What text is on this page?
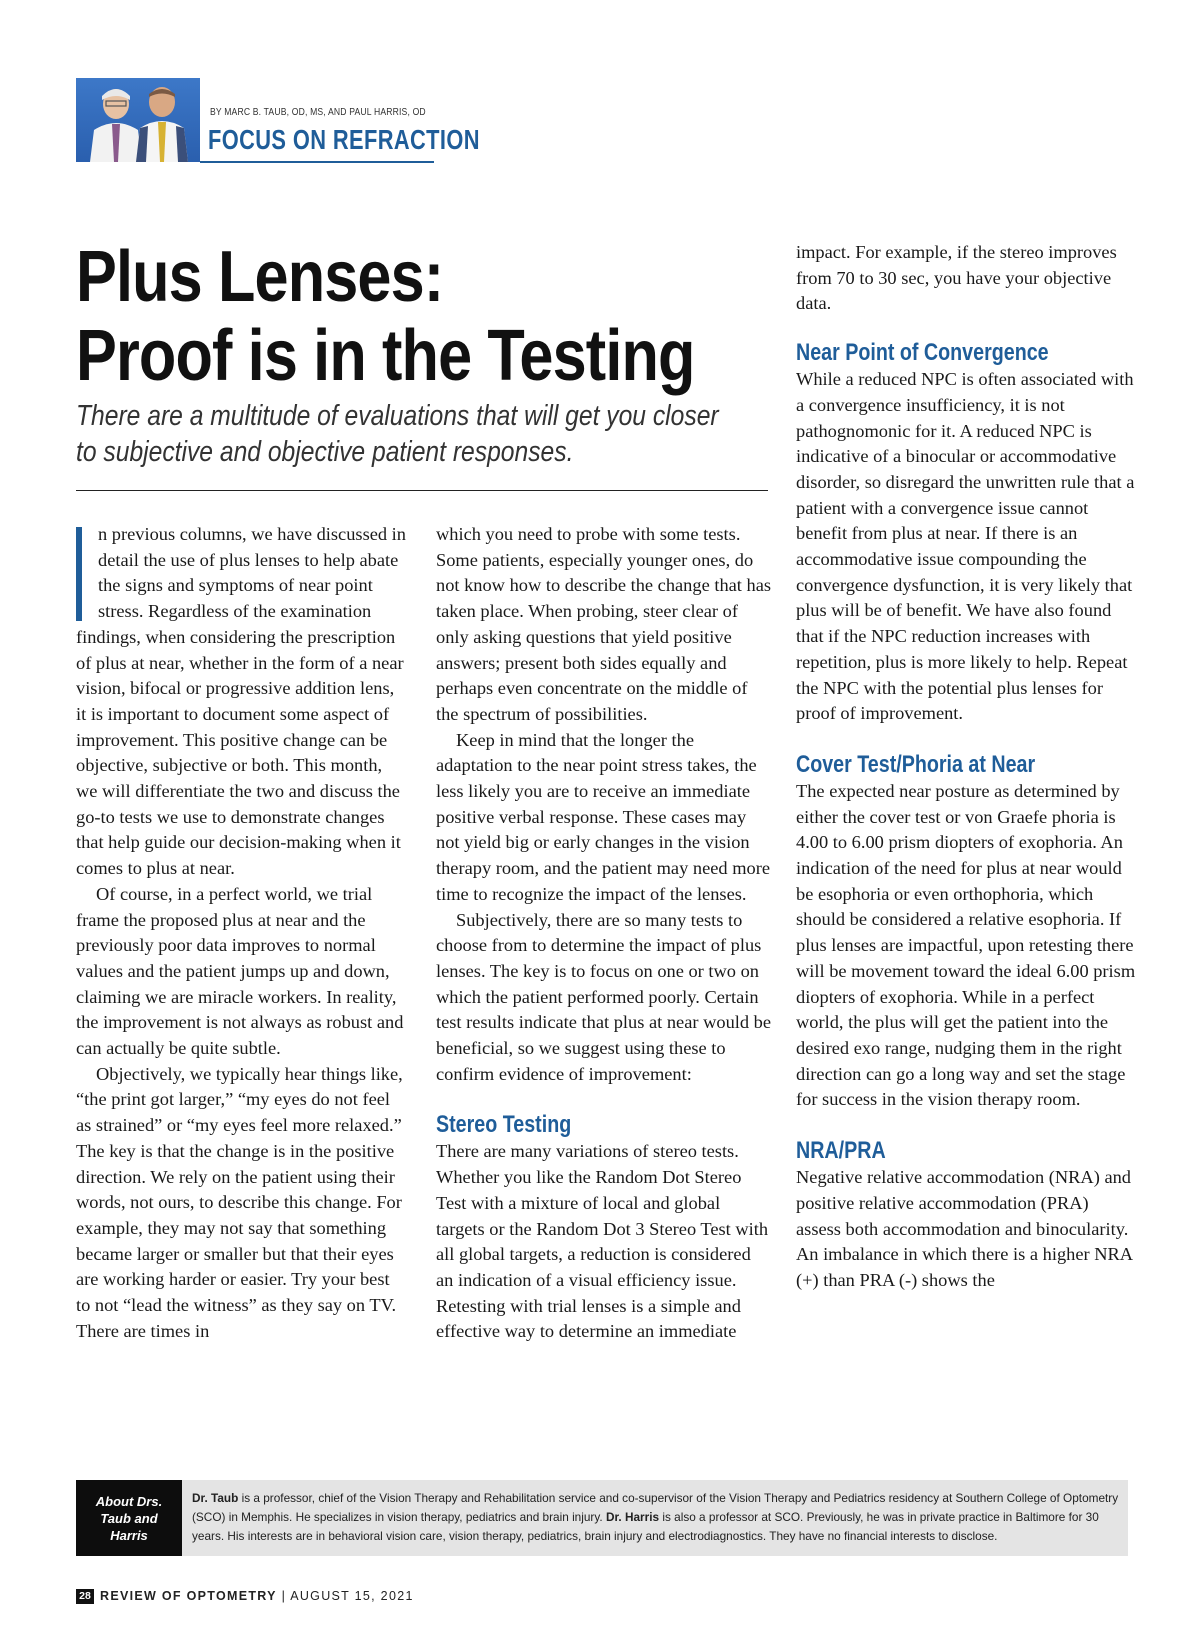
BY MARC B. TAUB, OD, MS, AND PAUL HARRIS, OD
FOCUS ON REFRACTION
Plus Lenses:
Proof is in the Testing
There are a multitude of evaluations that will get you closer to subjective and objective patient responses.

n previous columns, we have discussed in detail the use of plus lenses to help abate the signs and symptoms of near point stress. Regardless of the examination findings, when considering the prescription of plus at near, whether in the form of a near vision, bifocal or progressive addition lens, it is important to document some aspect of improvement. This positive change can be objective, subjective or both. This month, we will differentiate the two and discuss the go-to tests we use to demonstrate changes that help guide our decision-making when it comes to plus at near.

Of course, in a perfect world, we trial frame the proposed plus at near and the previously poor data improves to normal values and the patient jumps up and down, claiming we are miracle workers. In reality, the improvement is not always as robust and can actually be quite subtle.

Objectively, we typically hear things like, “the print got larger,” “my eyes do not feel as strained” or “my eyes feel more relaxed.” The key is that the change is in the positive direction. We rely on the patient using their words, not ours, to describe this change. For example, they may not say that something became larger or smaller but that their eyes are working harder or easier. Try your best to not “lead the witness” as they say on TV. There are times in

which you need to probe with some tests. Some patients, especially younger ones, do not know how to describe the change that has taken place. When probing, steer clear of only asking questions that yield positive answers; present both sides equally and perhaps even concentrate on the middle of the spectrum of possibilities.

Keep in mind that the longer the adaptation to the near point stress takes, the less likely you are to receive an immediate positive verbal response. These cases may not yield big or early changes in the vision therapy room, and the patient may need more time to recognize the impact of the lenses.

Subjectively, there are so many tests to choose from to determine the impact of plus lenses. The key is to focus on one or two on which the patient performed poorly. Certain test results indicate that plus at near would be beneficial, so we suggest using these to confirm evidence of improvement:

Stereo Testing

There are many variations of stereo tests. Whether you like the Random Dot Stereo Test with a mixture of local and global targets or the Random Dot 3 Stereo Test with all global targets, a reduction is considered an indication of a visual efficiency issue. Retesting with trial lenses is a simple and effective way to determine an immediate

impact. For example, if the stereo improves from 70 to 30 sec, you have your objective data.

Near Point of Convergence

While a reduced NPC is often associated with a convergence insufficiency, it is not pathognomonic for it. A reduced NPC is indicative of a binocular or accommodative disorder, so disregard the unwritten rule that a patient with a convergence issue cannot benefit from plus at near. If there is an accommodative issue compounding the convergence dysfunction, it is very likely that plus will be of benefit. We have also found that if the NPC reduction increases with repetition, plus is more likely to help. Repeat the NPC with the potential plus lenses for proof of improvement.

Cover Test/Phoria at Near

The expected near posture as determined by either the cover test or von Graefe phoria is 4.00 to 6.00 prism diopters of exophoria. An indication of the need for plus at near would be esophoria or even orthophoria, which should be considered a relative esophoria. If plus lenses are impactful, upon retesting there will be movement toward the ideal 6.00 prism diopters of exophoria. While in a perfect world, the plus will get the patient into the desired exo range, nudging them in the right direction can go a long way and set the stage for success in the vision therapy room.

NRA/PRA

Negative relative accommodation (NRA) and positive relative accommodation (PRA) assess both accommodation and binocularity. An imbalance in which there is a higher NRA (+) than PRA (-) shows the

About Drs. Taub and Harris
Dr. Taub is a professor, chief of the Vision Therapy and Rehabilitation service and co-supervisor of the Vision Therapy and Pediatrics residency at Southern College of Optometry (SCO) in Memphis. He specializes in vision therapy, pediatrics and brain injury. Dr. Harris is also a professor at SCO. Previously, he was in private practice in Baltimore for 30 years. His interests are in behavioral vision care, vision therapy, pediatrics, brain injury and electrodiagnostics. They have no financial interests to disclose.
28 REVIEW OF OPTOMETRY | AUGUST 15, 2021
